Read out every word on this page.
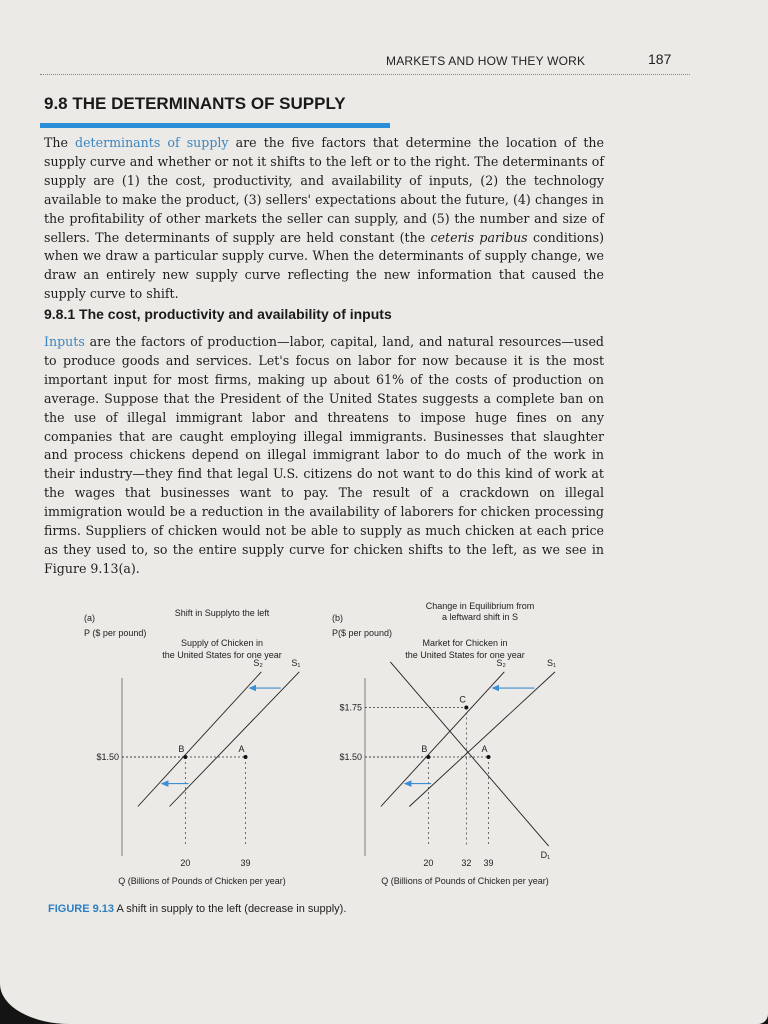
MARKETS AND HOW THEY WORK	187
9.8 THE DETERMINANTS OF SUPPLY

The determinants of supply are the five factors that determine the location of the supply curve and whether or not it shifts to the left or to the right. The determinants of supply are (1) the cost, productivity, and availability of inputs, (2) the technology available to make the product, (3) sellers' expectations about the future, (4) changes in the profitability of other markets the seller can supply, and (5) the number and size of sellers. The determinants of supply are held constant (the ceteris paribus conditions) when we draw a particular supply curve. When the determinants of supply change, we draw an entirely new supply curve reflecting the new information that caused the supply curve to shift.

9.8.1 The cost, productivity and availability of inputs

Inputs are the factors of production—labor, capital, land, and natural resources—used to produce goods and services. Let's focus on labor for now because it is the most important input for most firms, making up about 61% of the costs of production on average. Suppose that the President of the United States suggests a complete ban on the use of illegal immigrant labor and threatens to impose huge fines on any companies that are caught employing illegal immigrants. Businesses that slaughter and process chickens depend on illegal immigrant labor to do much of the work in their industry—they find that legal U.S. citizens do not want to do this kind of work at the wages that businesses want to pay. The result of a crackdown on illegal immigration would be a reduction in the availability of laborers for chicken processing firms. Suppliers of chicken would not be able to supply as much chicken at each price as they used to, so the entire supply curve for chicken shifts to the left, as we see in Figure 9.13(a).

(a)
P ($ per pound)
Shift in Supplyto the left
Supply of Chicken in
the United States for one year
$1.50
B	A
20	39
S₂	S₁
Q (Billions of Pounds of Chicken per year)
(b)
P($ per pound)
Change in Equilibrium from
a leftward shift in S
Market for Chicken in
the United States for one year
$1.50
$1.75
C
B	A
20	32 39
S₂	S₁
D₁
Q (Billions of Pounds of Chicken per year)
FIGURE 9.13 A shift in supply to the left (decrease in supply).
